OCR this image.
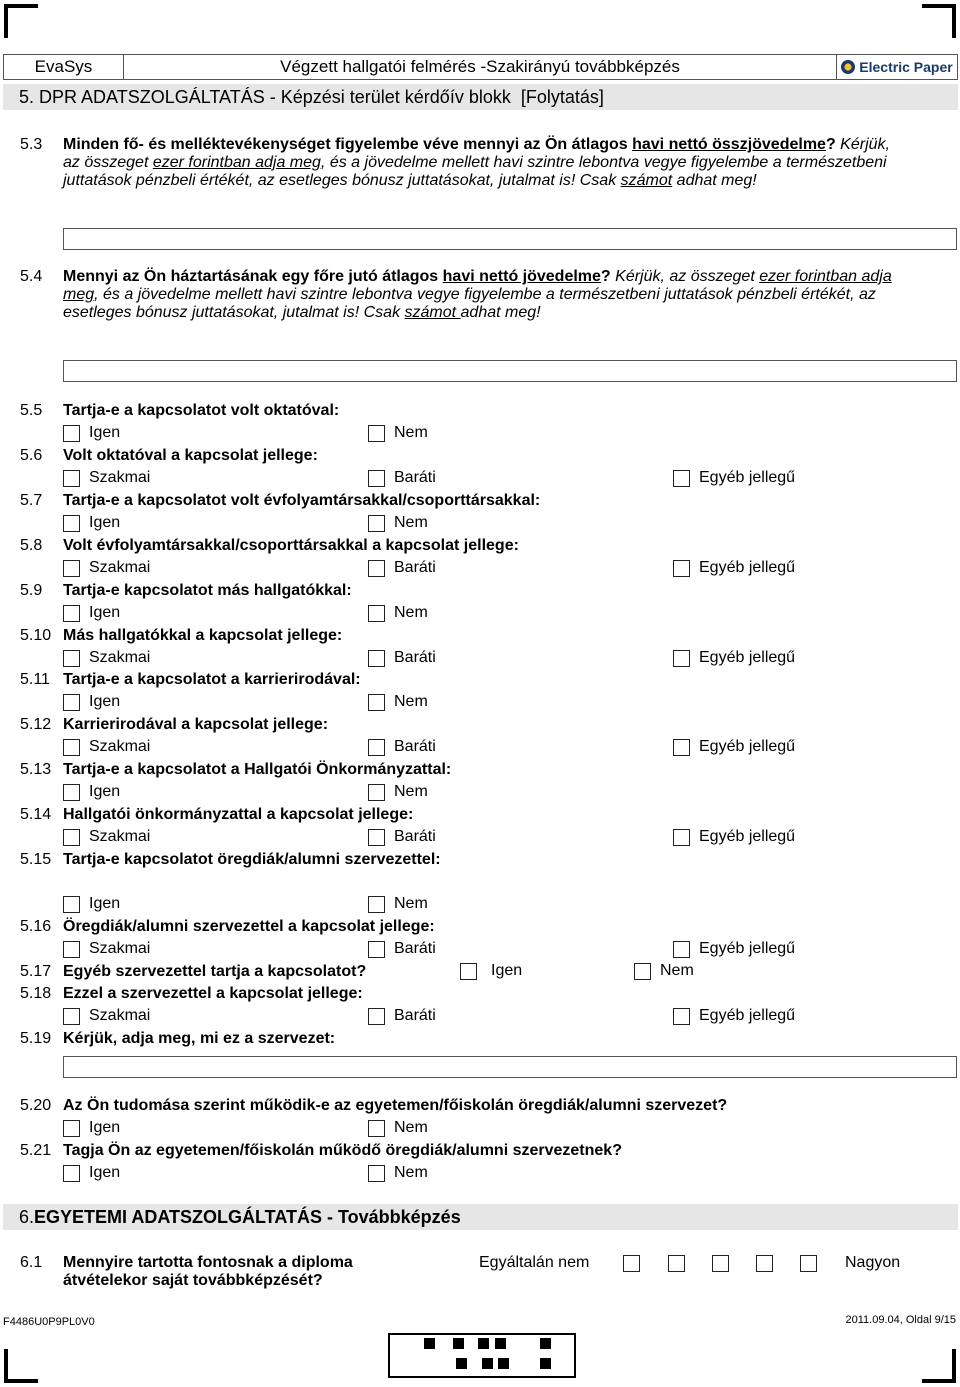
EvaSys	Végzett hallgatói felmérés -Szakirányú továbbképzés	Electric Paper
5. DPR ADATSZOLGÁLTATÁS - Képzési terület kérdőív blokk [Folytatás]
5.3 Minden fő- és melléktevékenységet figyelembe véve mennyi az Ön átlagos havi nettó összjövedelme? Kérjük,
az összeget ezer forintban adja meg, és a jövedelme mellett havi szintre lebontva vegye figyelembe a természetbeni
juttatások pénzbeli értékét, az esetleges bónusz juttatásokat, jutalmat is! Csak számot adhat meg!
5.4 Mennyi az Ön háztartásának egy főre jutó átlagos havi nettó jövedelme? Kérjük, az összeget ezer forintban adja
meg, és a jövedelme mellett havi szintre lebontva vegye figyelembe a természetbeni juttatások pénzbeli értékét, az
esetleges bónusz juttatásokat, jutalmat is! Csak számot adhat meg!
5.5 Tartja-e a kapcsolatot volt oktatóval:
Igen	Nem
5.6 Volt oktatóval a kapcsolat jellege:
Szakmai	Baráti	Egyéb jellegű
5.7 Tartja-e a kapcsolatot volt évfolyamtársakkal/csoporttársakkal:
Igen	Nem
5.8 Volt évfolyamtársakkal/csoporttársakkal a kapcsolat jellege:
Szakmai	Baráti	Egyéb jellegű
5.9 Tartja-e kapcsolatot más hallgatókkal:
Igen	Nem
5.10 Más hallgatókkal a kapcsolat jellege:
Szakmai	Baráti	Egyéb jellegű
5.11 Tartja-e a kapcsolatot a karrierirodával:
Igen	Nem
5.12 Karrierirodával a kapcsolat jellege:
Szakmai	Baráti	Egyéb jellegű
5.13 Tartja-e a kapcsolatot a Hallgatói Önkormányzattal:
Igen	Nem
5.14 Hallgatói önkormányzattal a kapcsolat jellege:
Szakmai	Baráti	Egyéb jellegű
5.15 Tartja-e kapcsolatot öregdiák/alumni szervezettel:
Igen	Nem
5.16 Öregdiák/alumni szervezettel a kapcsolat jellege:
Szakmai	Baráti	Egyéb jellegű
5.17 Egyéb szervezettel tartja a kapcsolatot?	Igen	Nem
5.18 Ezzel a szervezettel a kapcsolat jellege:
Szakmai	Baráti	Egyéb jellegű
5.19 Kérjük, adja meg, mi ez a szervezet:
5.20 Az Ön tudomása szerint működik-e az egyetemen/főiskolán öregdiák/alumni szervezet?
Igen	Nem
5.21 Tagja Ön az egyetemen/főiskolán működő öregdiák/alumni szervezetnek?
Igen	Nem
6. EGYETEMI ADATSZOLGÁLTATÁS - Továbbképzés
6.1 Mennyire tartotta fontosnak a diploma
átvételekor saját továbbképzését?
Egyáltalán nem	Nagyon
F4486U0P9PL0V0	2011.09.04, Oldal 9/15
